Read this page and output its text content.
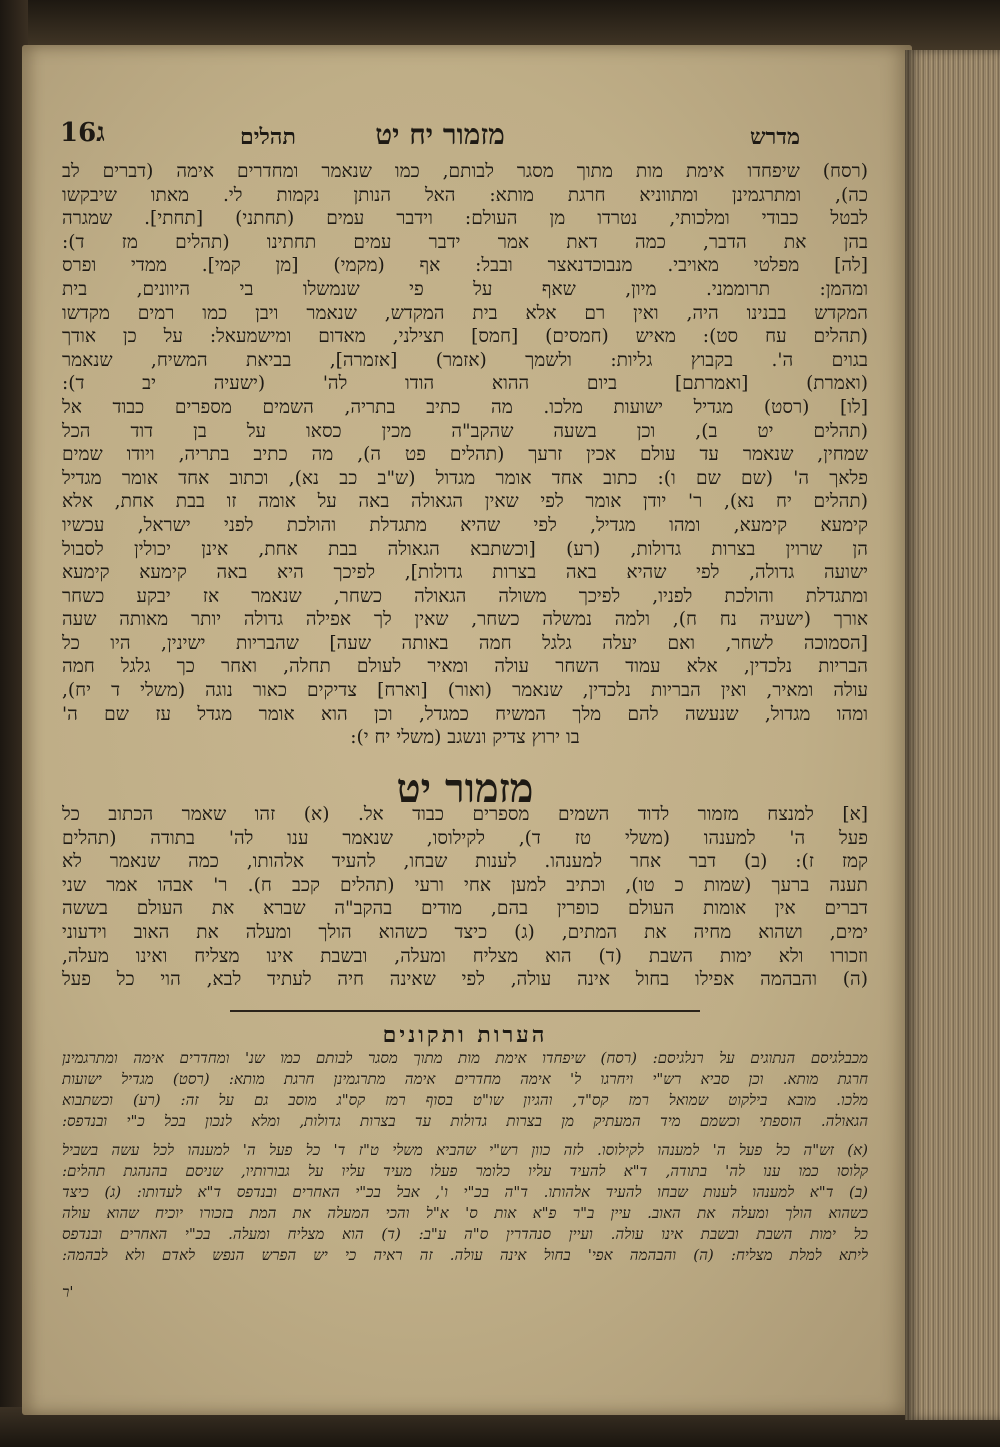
16ג	תהלים	מזמור יח יט	מדרש
(רסח) שיפחדו אימת מות מתוך מסגר לבותם, כמו שנאמר ומחדרים אימה (דברים לב
כה), ומתרגמינן ומתווניא חרגת מותא: האל הנותן נקמות לי. מאתו שיבקשו
לבטל כבודי ומלכותי, נטרדו מן העולם: וידבר עמים (תחתני) [תחתי]. שמגרה
בהן את הדבר, כמה דאת אמר ידבר עמים תחתינו (תהלים מז ד):
[לה] מפלטי מאויבי. מנבוכדנאצר ובבל: אף (מקמי) [מן קמי]. ממדי ופרס
ומהמן: תרוממני. מיון, שאף על פי שנמשלו בי היוונים, בית
המקדש בבנינו היה, ואין רם אלא בית המקדש, שנאמר ויבן כמו רמים מקדשו
(תהלים עח סט): מאיש (חמסים) [חמס] תצילני, מאדום ומישמעאל: על כן אודך
בגוים ה'. בקבוץ גליות: ולשמך (אזמר) [אזמרה], בביאת המשיח, שנאמר
(ואמרת) [ואמרתם] ביום ההוא הודו לה' (ישעיה יב ד):
[לו] (רסט) מגדיל ישועות מלכו. מה כתיב בתריה, השמים מספרים כבוד אל
(תהלים יט ב), וכן בשעה שהקב"ה מכין כסאו על בן דוד הכל
שמחין, שנאמר עד עולם אכין זרעך (תהלים פט ה), מה כתיב בתריה, ויודו שמים
פלאך ה' (שם שם ו): כתוב אחד אומר מגדול (ש"ב כב נא), וכתוב אחד אומר מגדיל
(תהלים יח נא), ר' יודן אומר לפי שאין הגאולה באה על אומה זו בבת אחת, אלא
קימעא קימעא, ומהו מגדיל, לפי שהיא מתגדלת והולכת לפני ישראל, עכשיו
הן שרוין בצרות גדולות, (רע) [וכשתבא הגאולה בבת אחת, אינן יכולין לסבול
ישועה גדולה, לפי שהיא באה בצרות גדולות], לפיכך היא באה קימעא קימעא
ומתגדלת והולכת לפניו, לפיכך משולה הגאולה כשחר, שנאמר אז יבקע כשחר
אורך (ישעיה נח ח), ולמה נמשלה כשחר, שאין לך אפילה גדולה יותר מאותה שעה
[הסמוכה לשחר, ואם יעלה גלגל חמה באותה שעה] שהבריות ישינין, היו כל
הבריות נלכדין, אלא עמוד השחר עולה ומאיר לעולם תחלה, ואחר כך גלגל חמה
עולה ומאיר, ואין הבריות נלכדין, שנאמר (ואור) [וארח] צדיקים כאור נוגה (משלי ד יח),
ומהו מגדול, שנעשה להם מלך המשיח כמגדל, וכן הוא אומר מגדל עז שם ה'
בו ירוץ צדיק ונשגב (משלי יח י):
מזמור יט
[א] למנצח מזמור לדוד השמים מספרים כבוד אל. (א) זהו שאמר הכתוב כל
פעל ה' למענהו (משלי טז ד), לקילוסו, שנאמר ענו לה' בתודה (תהלים
קמז ז): (ב) דבר אחר למענהו. לענות שבחו, להעיד אלהותו, כמה שנאמר לא
תענה ברעך (שמות כ טו), וכתיב למען אחי ורעי (תהלים קכב ח). ר' אבהו אמר שני
דברים אין אומות העולם כופרין בהם, מודים בהקב"ה שברא את העולם בששה
ימים, ושהוא מחיה את המתים, (ג) כיצד כשהוא הולך ומעלה את האוב וידעוני
וזכורו ולא ימות השבת (ד) הוא מצליח ומעלה, ובשבת אינו מצליח ואינו מעלה,
(ה) והבהמה אפילו בחול אינה עולה, לפי שאינה חיה לעתיד לבא, הוי כל פעל
הערות ותקונים
מכבלגיסם הנתוגים על רנלגיסם: (רסח) שיפחדו אימת מות מתוך מסגר לבותם כמו שנ' ומחדרים אימה ומתרגמינן
חרגת מותא. וכן סביא רש"י ויחרגו ל' אימה מחדרים אימה מתרגמינן חרגת מותא: (רסט) מגדיל ישועות
מלכו. מובא בילקוט שמואל רמז קס"ד, והגיון שו"ט בסוף רמז קס"ג מוסב גם על זה: (רע) וכשתבוא
הגאולה. הוספתי וכשמם מיד המעתיק מן בצרות גדולות עד בצרות גדולות, ומלא לנכון בכל כ"י ובנדפס:
(א) זש"ה כל פעל ה' למענהו לקילוסו. לזה כוון רש"י שהביא משלי ט"ז ד' כל פעל ה' למענהו לכל עשה בשביל
קלוסו כמו ענו לה' בתודה, ד"א להעיד עליו כלומר פעלו מעיד עליו על גבורותיו, שניסם בהנהגת תהלים:
(ב) ד"א למענהו לענות שבחו להעיד אלהותו. ד"ה בכ"י ו', אבל בכ"י האחרים ובנדפס ד"א לעדותו: (ג) כיצד
כשהוא הולך ומעלה את האוב. עיין ב"ר פ"א אות ס' א"ל והכי המעלה את המת בזכורו יוכיח שהוא עולה
כל ימות השבת ובשבת אינו עולה. ועיין סנהדרין ס"ה ע"ב: (ד) הוא מצליח ומעלה. בכ"י האחרים ובנדפס
ליתא למלת מצליח: (ה) והבהמה אפי' בחול אינה עולה. זה ראיה כי יש הפרש הנפש לאדם ולא לבהמה:
ר'
